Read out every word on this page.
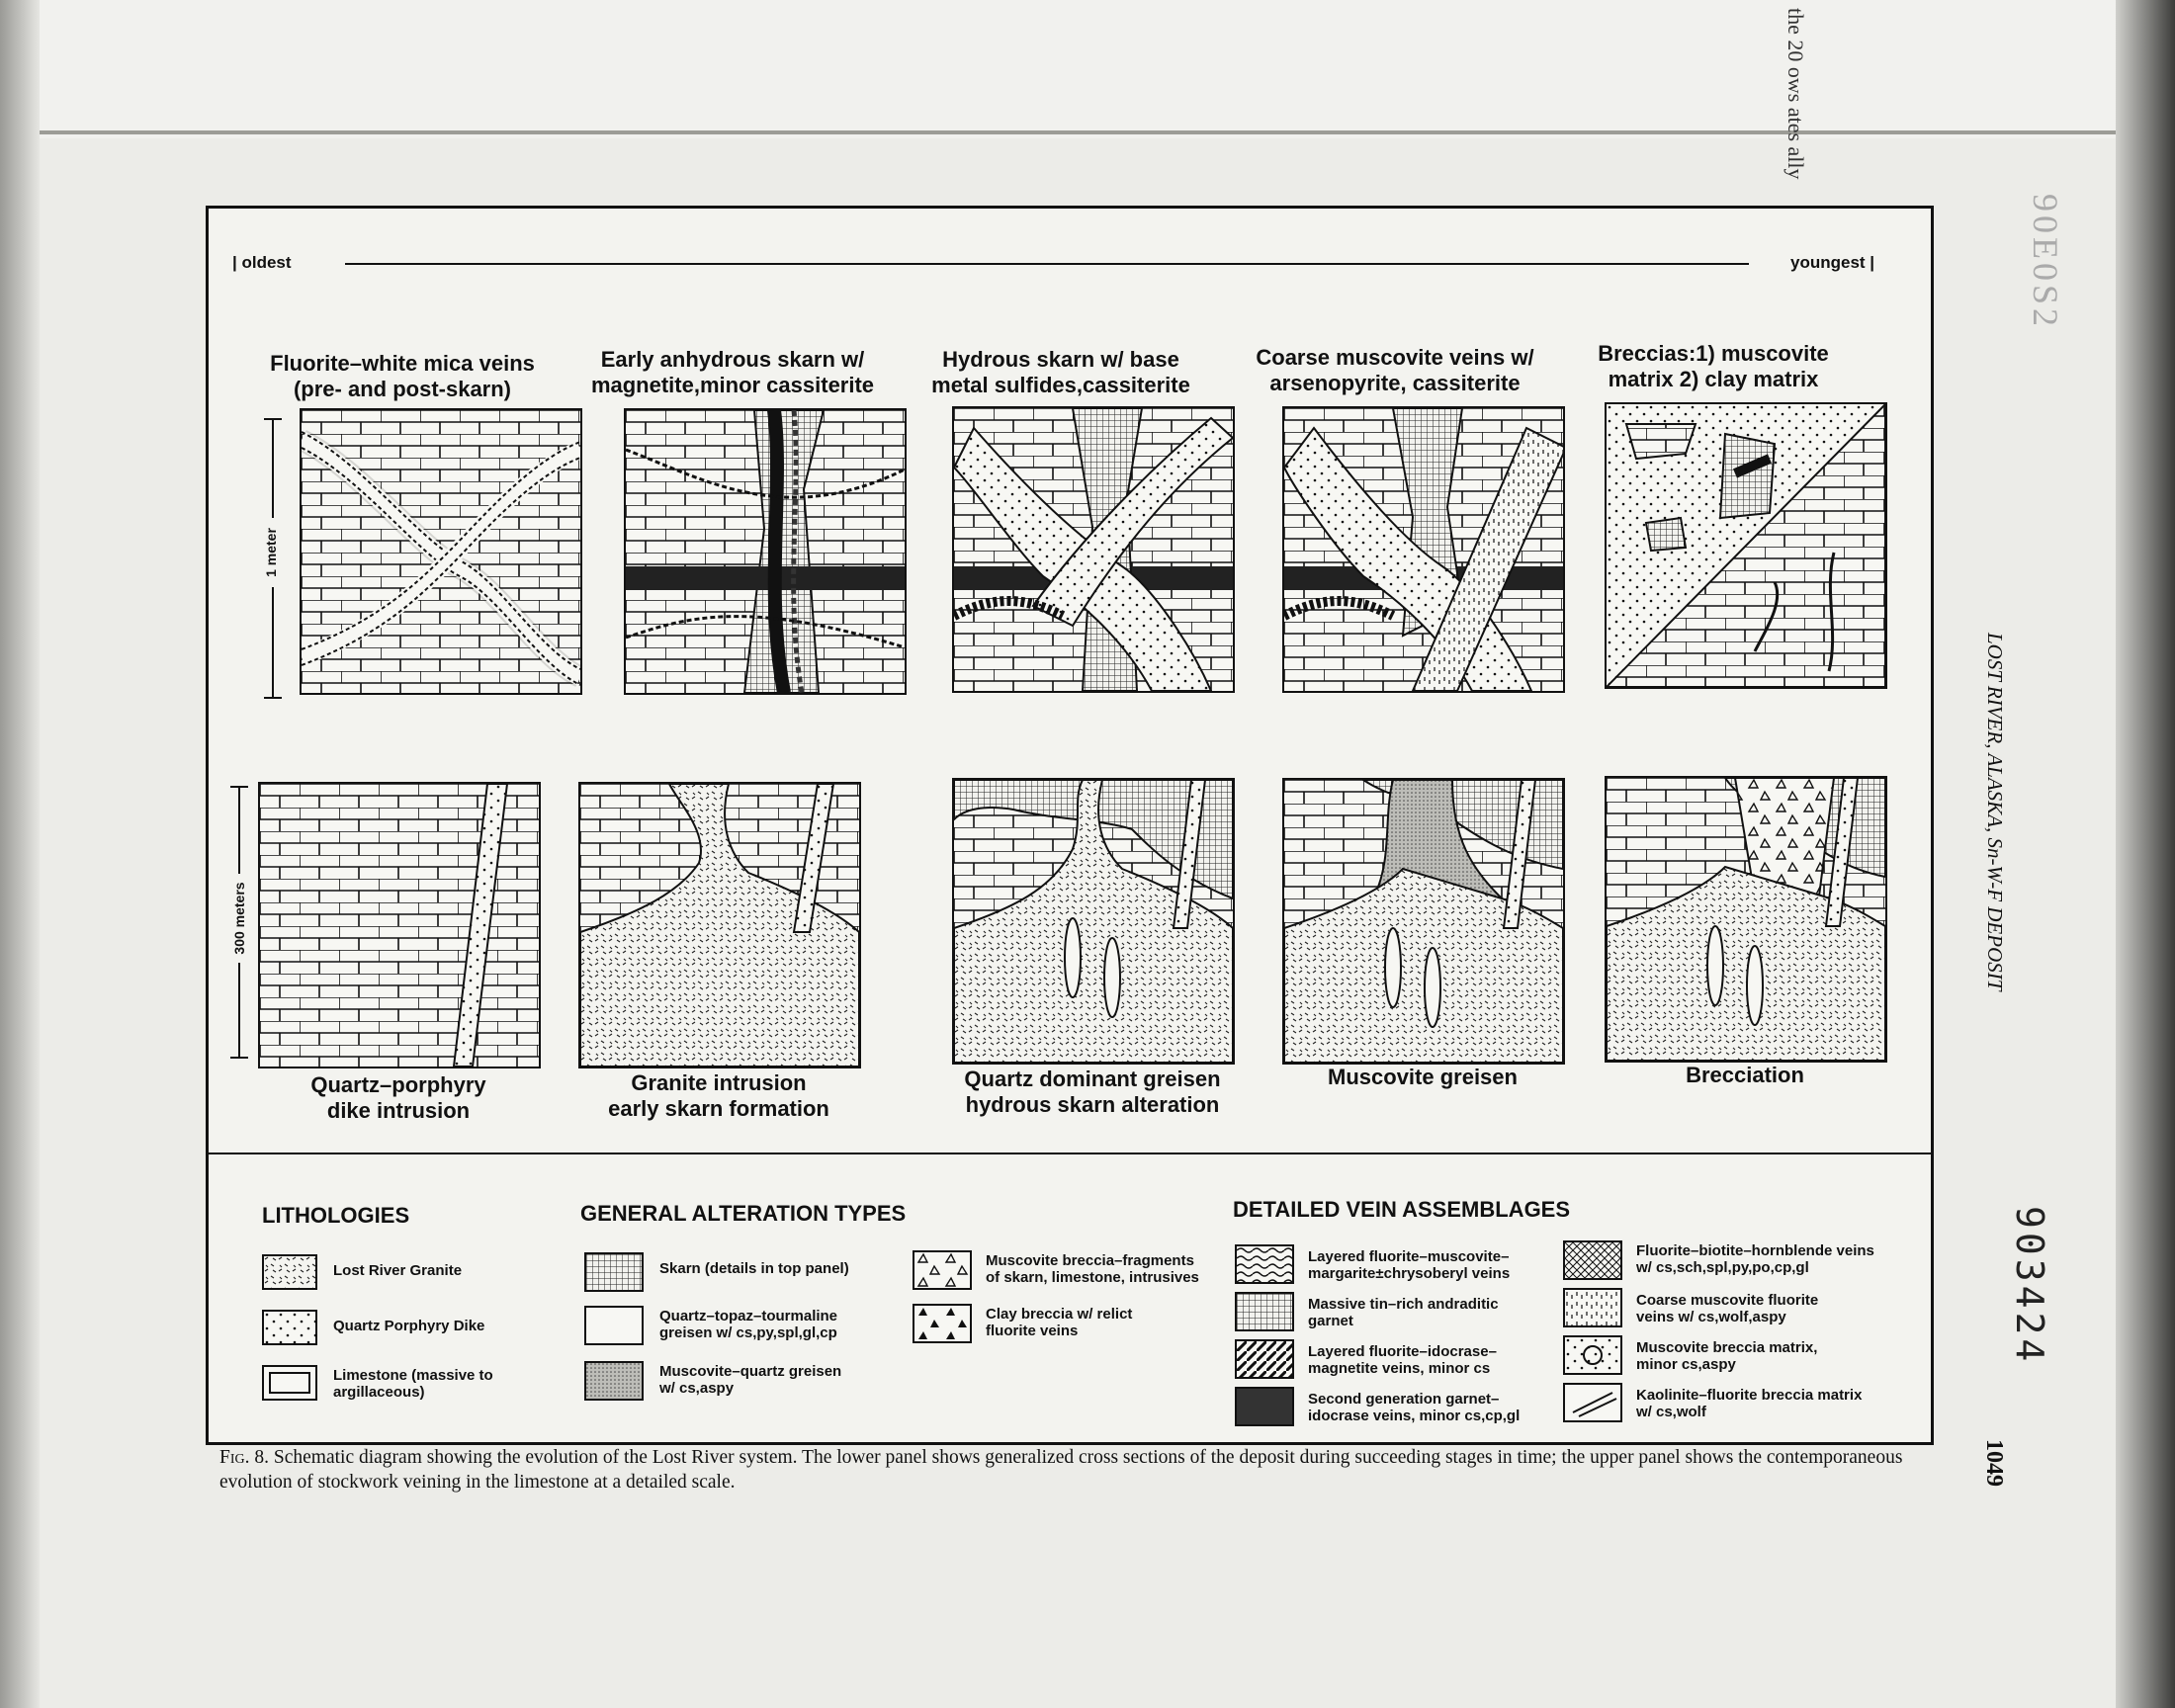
the 20 ows ates ally
90E0S2
| oldest	youngest |
Fluorite–white mica veins
(pre- and post-skarn)
Early anhydrous skarn w/
magnetite,minor cassiterite
Hydrous skarn w/ base
metal sulfides,cassiterite
Coarse muscovite veins w/
arsenopyrite, cassiterite
Breccias:1) muscovite
matrix 2) clay matrix
1 meter
300 meters
Quartz–porphyry
dike intrusion
Granite intrusion
early skarn formation
Quartz dominant greisen
hydrous skarn alteration
Muscovite greisen	Brecciation
LITHOLOGIES
Lost River Granite
Quartz Porphyry Dike
Limestone (massive to
argillaceous)
GENERAL ALTERATION TYPES
Skarn (details in top panel)
Quartz–topaz–tourmaline
greisen w/ cs,py,spl,gl,cp
Muscovite–quartz greisen
w/ cs,aspy
Muscovite breccia–fragments
of skarn, limestone, intrusives
Clay breccia w/ relict
fluorite veins
DETAILED VEIN ASSEMBLAGES
Layered fluorite–muscovite–
margarite±chrysoberyl veins
Massive tin–rich andraditic
garnet
Layered fluorite–idocrase–
magnetite veins, minor cs
Second generation garnet–
idocrase veins, minor cs,cp,gl
Fluorite–biotite–hornblende veins
w/ cs,sch,spl,py,po,cp,gl
Coarse muscovite fluorite
veins w/ cs,wolf,aspy
Muscovite breccia matrix,
minor cs,aspy
Kaolinite–fluorite breccia matrix
w/ cs,wolf
Fig. 8. Schematic diagram showing the evolution of the Lost River system. The lower panel shows generalized cross sections of the deposit during succeeding stages in time; the upper panel shows the contemporaneous evolution of stockwork veining in the limestone at a detailed scale.
LOST RIVER, ALASKA, Sn-W-F DEPOSIT
1049
903424
